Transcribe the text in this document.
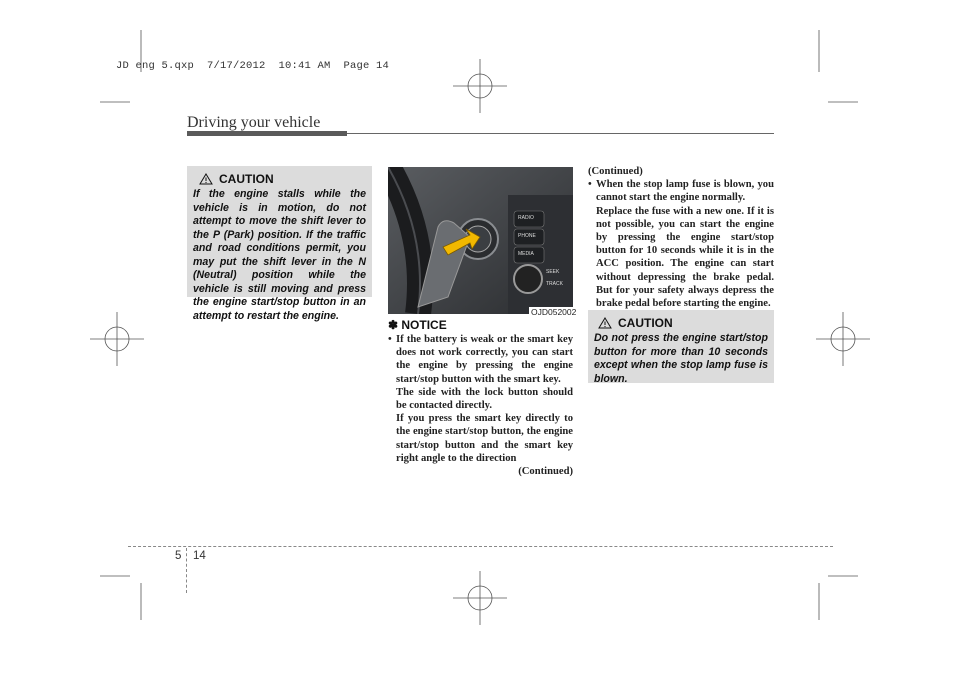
JD eng 5.qxp  7/17/2012  10:41 AM  Page 14
Driving your vehicle
CAUTION
If the engine stalls while the vehicle is in motion, do not attempt to move the shift lever to the P (Park) position. If the traffic and road conditions permit, you may put the shift lever in the N (Neutral) position while the vehicle is still moving and press the engine start/stop button in an attempt to restart the engine.
RADIO
PHONE
MEDIA
SEEK
TRACK
OJD052002
✽ NOTICE
• If the battery is weak or the smart key does not work correctly, you can start the engine by pressing the engine start/stop button with the smart key.
The side with the lock button should be contacted directly.
If you press the smart key directly to the engine start/stop button, the engine start/stop button and the smart key right angle to the direction
(Continued)
(Continued)
• When the stop lamp fuse is blown, you cannot start the engine normally.
Replace the fuse with a new one. If it is not possible, you can start the engine by pressing the engine start/stop button for 10 seconds while it is in the ACC position. The engine can start without depressing the brake pedal. But for your safety always depress the brake pedal before starting the engine.
CAUTION
Do not press the engine start/stop button for more than 10 seconds except when the stop lamp fuse is blown.
5 14
